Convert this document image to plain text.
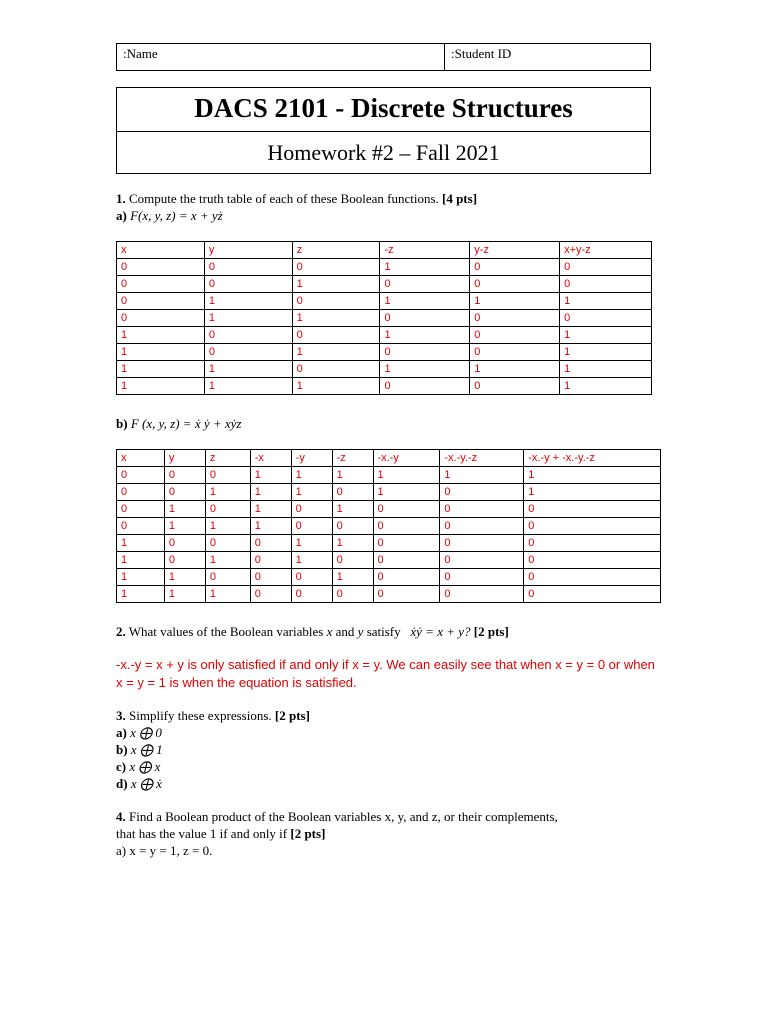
:Name	:Student ID
DACS 2101 - Discrete Structures
Homework #2 – Fall 2021
1. Compute the truth table of each of these Boolean functions. [4 pts]
a) F(x, y, z) = x + yż
x	y	z	-z	y-z	x+y-z
0	0	0	1	0	0
0	0	1	0	0	0
0	1	0	1	1	1
0	1	1	0	0	0
1	0	0	1	0	1
1	0	1	0	0	1
1	1	0	1	1	1
1	1	1	0	0	1
b) F (x, y, z) = ẋ ẏ + xẏz
x	y	z	-x	-y	-z	-x.-y	-x.-y.-z	-x.-y + -x.-y.-z
0	0	0	1	1	1	1	1	1
0	0	1	1	1	0	1	0	1
0	1	0	1	0	1	0	0	0
0	1	1	1	0	0	0	0	0
1	0	0	0	1	1	0	0	0
1	0	1	0	1	0	0	0	0
1	1	0	0	0	1	0	0	0
1	1	1	0	0	0	0	0	0
2. What values of the Boolean variables x and y satisfy   ẋẏ = x + y? [2 pts]
-x.-y = x + y is only satisfied if and only if x = y. We can easily see that when x = y = 0 or when x = y = 1 is when the equation is satisfied.
3. Simplify these expressions. [2 pts]
a) x ⨁ 0
b) x ⨁ 1
c) x ⨁ x
d) x ⨁ ẋ
4. Find a Boolean product of the Boolean variables x, y, and z, or their complements,
that has the value 1 if and only if [2 pts]
a) x = y = 1, z = 0.
